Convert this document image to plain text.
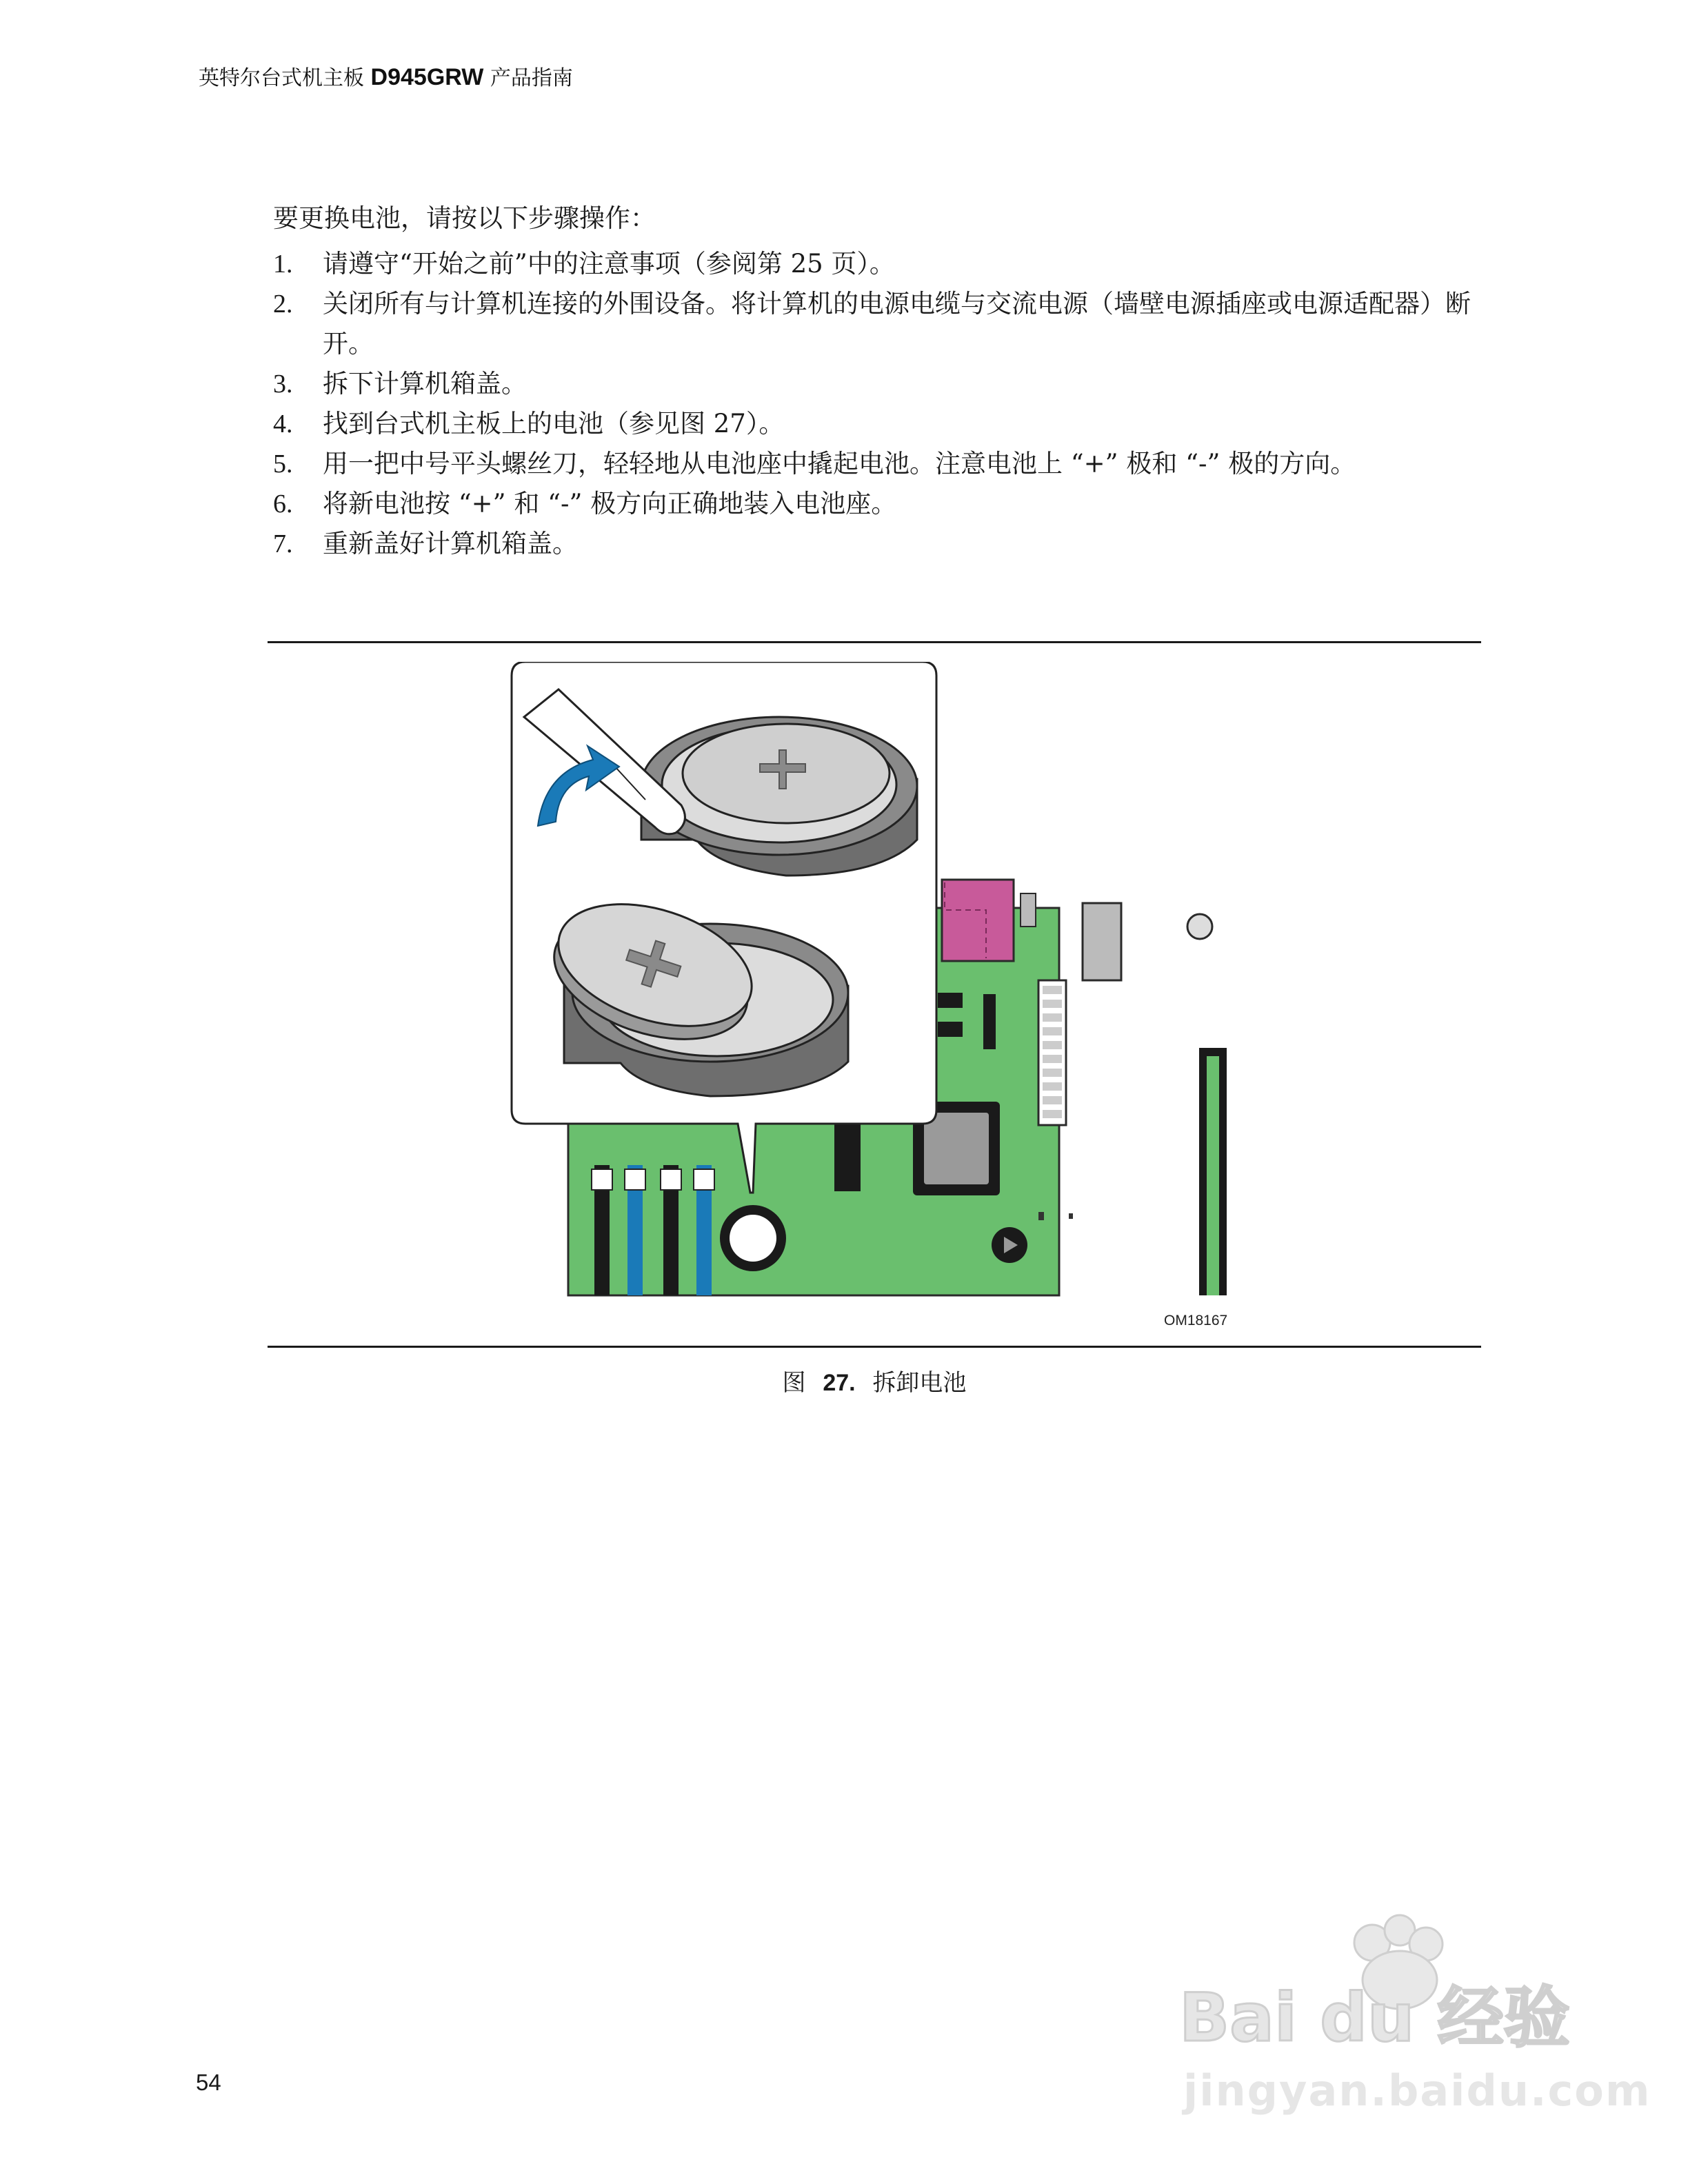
英特尔台式机主板 D945GRW 产品指南
要更换电池，请按以下步骤操作：
1.	请遵守“开始之前”中的注意事项（参阅第 25 页）。
2.	关闭所有与计算机连接的外围设备。将计算机的电源电缆与交流电源（墙壁电源插座或电源适配器）断开。
3.	拆下计算机箱盖。
4.	找到台式机主板上的电池（参见图 27）。
5.	用一把中号平头螺丝刀，轻轻地从电池座中撬起电池。注意电池上 “+” 极和 “-” 极的方向。
6.	将新电池按 “+” 和 “-” 极方向正确地装入电池座。
7.	重新盖好计算机箱盖。
OM18167
图 27. 拆卸电池
Bai du 经验
jingyan.baidu.com
54
